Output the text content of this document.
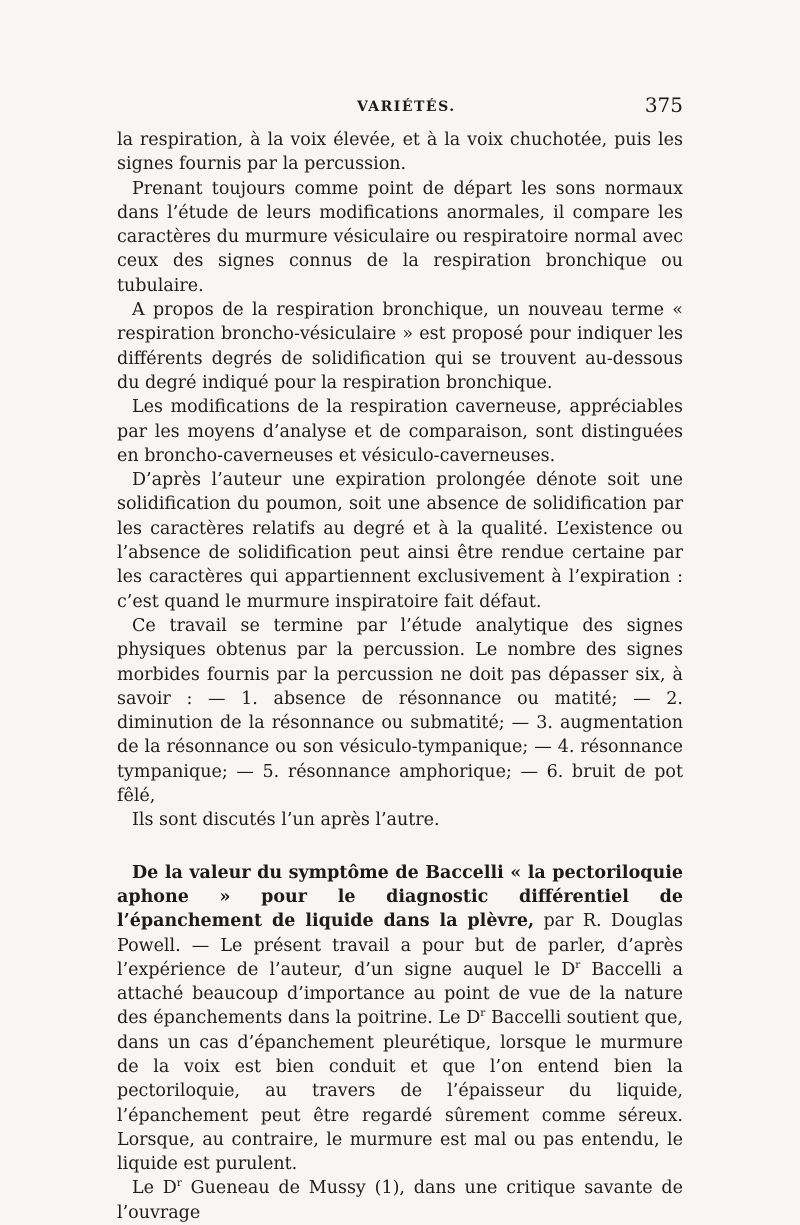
VARIÉTÉS.	375

la respiration, à la voix élevée, et à la voix chuchotée, puis les signes fournis par la percussion.

Prenant toujours comme point de départ les sons normaux dans l’étude de leurs modifications anormales, il compare les caractères du murmure vésiculaire ou respiratoire normal avec ceux des signes connus de la respiration bronchique ou tubulaire.

A propos de la respiration bronchique, un nouveau terme « respiration broncho-vésiculaire » est proposé pour indiquer les différents degrés de solidification qui se trouvent au-dessous du degré indiqué pour la respiration bronchique.

Les modifications de la respiration caverneuse, appréciables par les moyens d’analyse et de comparaison, sont distinguées en broncho-caverneuses et vésiculo-caverneuses.

D’après l’auteur une expiration prolongée dénote soit une solidification du poumon, soit une absence de solidification par les caractères relatifs au degré et à la qualité. L’existence ou l’absence de solidification peut ainsi être rendue certaine par les caractères qui appartiennent exclusivement à l’expiration : c’est quand le murmure inspiratoire fait défaut.

Ce travail se termine par l’étude analytique des signes physiques obtenus par la percussion. Le nombre des signes morbides fournis par la percussion ne doit pas dépasser six, à savoir : — 1. absence de résonnance ou matité; — 2. diminution de la résonnance ou submatité; — 3. augmentation de la résonnance ou son vésiculo-tympanique; — 4. résonnance tympanique; — 5. résonnance amphorique; — 6. bruit de pot fêlé,

Ils sont discutés l’un après l’autre.

De la valeur du symptôme de Baccelli « la pectoriloquie aphone » pour le diagnostic différentiel de l’épanchement de liquide dans la plèvre, par R. Douglas Powell. — Le présent travail a pour but de parler, d’après l’expérience de l’auteur, d’un signe auquel le $D^r$ Baccelli a attaché beaucoup d’importance au point de vue de la nature des épanchements dans la poitrine. Le $D^r$ Baccelli soutient que, dans un cas d’épanchement pleurétique, lorsque le murmure de la voix est bien conduit et que l’on entend bien la pectoriloquie, au travers de l’épaisseur du liquide, l’épanchement peut être regardé sûrement comme séreux. Lorsque, au contraire, le murmure est mal ou pas entendu, le liquide est purulent.

Le $D^r$ Gueneau de Mussy (1), dans une critique savante de l’ouvrage
